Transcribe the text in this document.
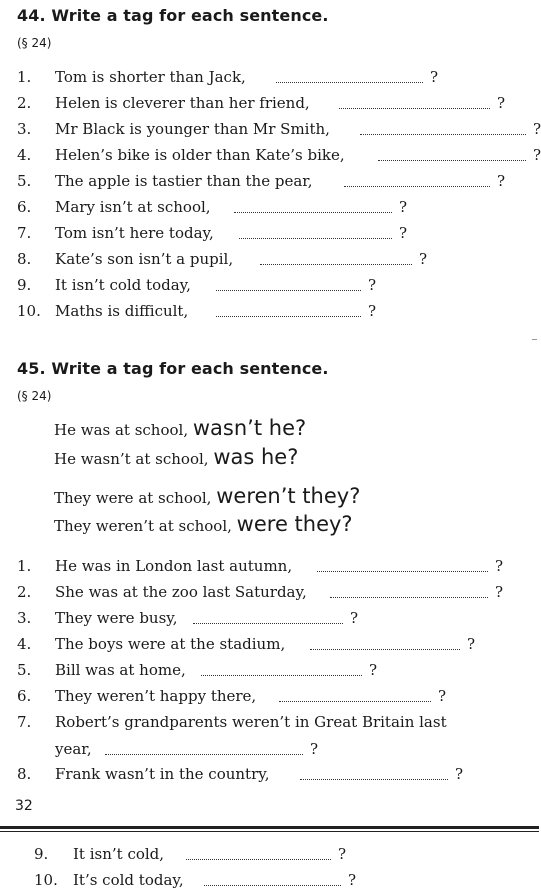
44. Write a tag for each sentence.
(§ 24)
1. Tom is shorter than Jack,	?
2. Helen is cleverer than her friend,	?
3. Mr Black is younger than Mr Smith,	?
4. Helen’s bike is older than Kate’s bike,	?
5. The apple is tastier than the pear,	?
6. Mary isn’t at school,	?
7. Tom isn’t here today,	?
8. Kate’s son isn’t a pupil,	?
9. It isn’t cold today,	?
10. Maths is difficult,	?
45. Write a tag for each sentence.
(§ 24)
He was at school, wasn’t he?
He wasn’t at school, was he?
They were at school, weren’t they?
They weren’t at school, were they?
1. He was in London last autumn,	?
2. She was at the zoo last Saturday,	?
3. They were busy,	?
4. The boys were at the stadium,	?
5. Bill was at home,	?
6. They weren’t happy there,	?
7. Robert’s grandparents weren’t in Great Britain last
year,	?
8. Frank wasn’t in the country,	?
32
9. It isn’t cold,	?
10. It’s cold today,	?
